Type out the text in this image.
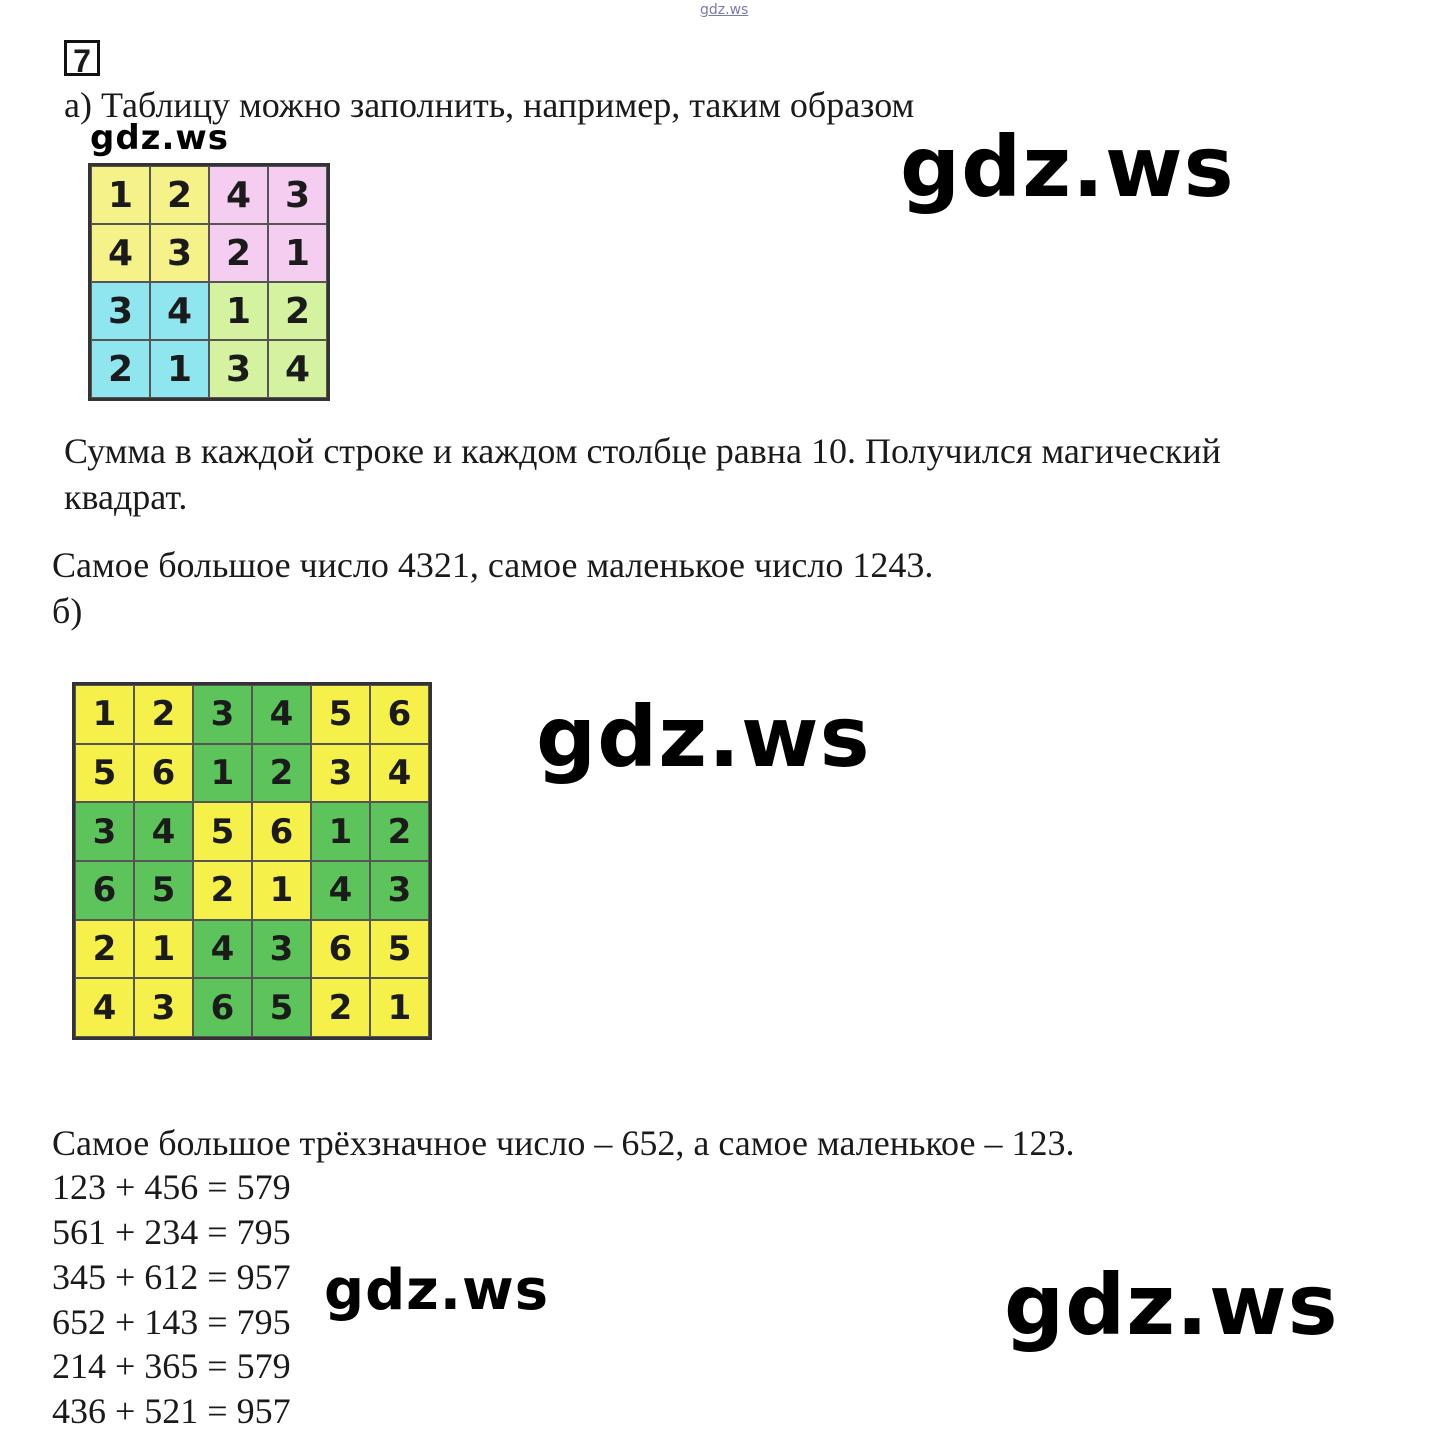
gdz.ws
7
а) Таблицу можно заполнить, например, таким образом
gdz.ws	gdz.ws
1 2 4 3
4 3 2 1
3 4 1 2
2 1 3 4
Сумма в каждой строке и каждом столбце равна 10. Получился магический
квадрат.
Самое большое число 4321, самое маленькое число 1243.
б)
1	2	3	4	5	6
5	6	1	2	3	4
3	4	5	6	1	2
6	5	2	1	4	3
2	1	4	3	6	5
4	3	6	5	2	1
gdz.ws
Самое большое трёхзначное число – 652, а самое маленькое – 123.
123 + 456 = 579
561 + 234 = 795
345 + 612 = 957
652 + 143 = 795
214 + 365 = 579
436 + 521 = 957
gdz.ws	gdz.ws
